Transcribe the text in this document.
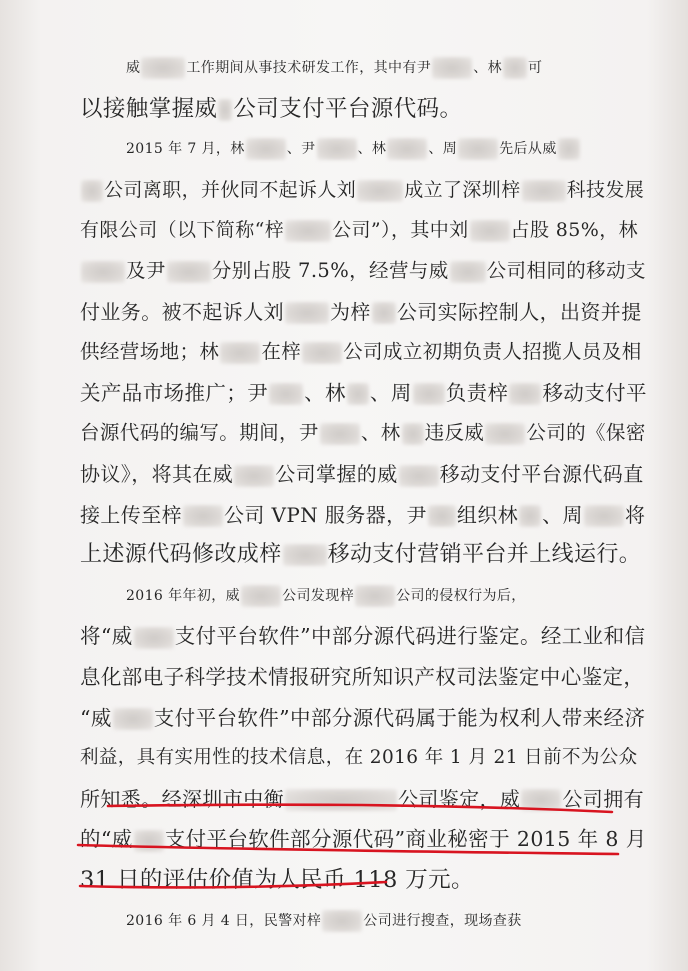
威	工作期间从事技术研发工作，其中有尹	、林 可
以接触掌握威 公司支付平台源代码。
2015 年 7 月，林	、尹	、林	、周	先后从威
公司离职，并伙同不起诉人刘	成立了深圳梓 科技发展
有限公司（以下简称“梓	公司”），其中刘 占股 85%，林
及尹 分别占股 7.5%，经营与威 公司相同的移动支
付业务。被不起诉人刘 为梓 公司实际控制人，出资并提
供经营场地；林 在梓 公司成立初期负责人招揽人员及相
关产品市场推广；尹 、林 、周 负责梓 移动支付平
台源代码的编写。期间，尹 、林 违反威 公司的《保密
协议》，将其在威 公司掌握的威 移动支付平台源代码直
接上传至梓 公司 VPN 服务器，尹 组织林 、周 将
上述源代码修改成梓 移动支付营销平台并上线运行。
2016 年年初，威	公司发现梓	公司的侵权行为后，
将“威 支付平台软件”中部分源代码进行鉴定。经工业和信
息化部电子科学技术情报研究所知识产权司法鉴定中心鉴定，
“威 支付平台软件”中部分源代码属于能为权利人带来经济
利益，具有实用性的技术信息，在 2016 年 1 月 21 日前不为公众
所知悉。经深圳市中衡	公司鉴定，威 公司拥有
的“威 支付平台软件部分源代码”商业秘密于 2015 年 8 月
31 日的评估价值为人民币 118 万元。
2016 年 6 月 4 日，民警对梓	公司进行搜查，现场查获
